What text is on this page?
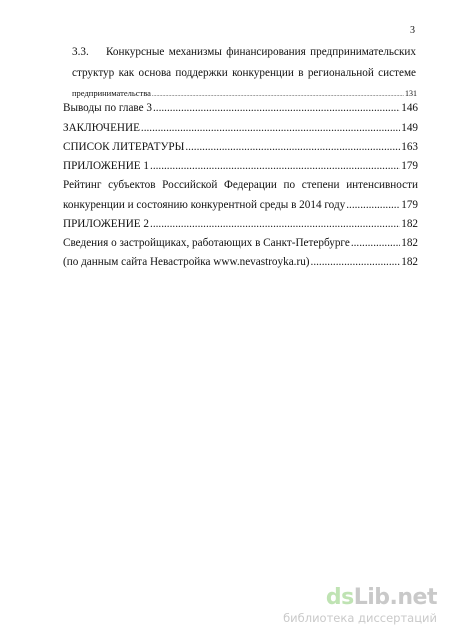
3
3.3. Конкурсные механизмы финансирования предпринимательских
структур как основа поддержки конкуренции в региональной системе
предпринимательства .....	131
Выводы по главе 3 .....	146
ЗАКЛЮЧЕНИЕ .....	149
СПИСОК ЛИТЕРАТУРЫ .....	163
ПРИЛОЖЕНИЕ 1 .....	179
Рейтинг субъектов Российской Федерации по степени интенсивности
конкуренции и состоянию конкурентной среды в 2014 году .....	179
ПРИЛОЖЕНИЕ 2 .....	182
Сведения о застройщиках, работающих в Санкт-Петербурге .....	182
(по данным сайта Невастройка www.nevastroyka.ru) .....	182
dsLib.net
библиотека диссертаций
